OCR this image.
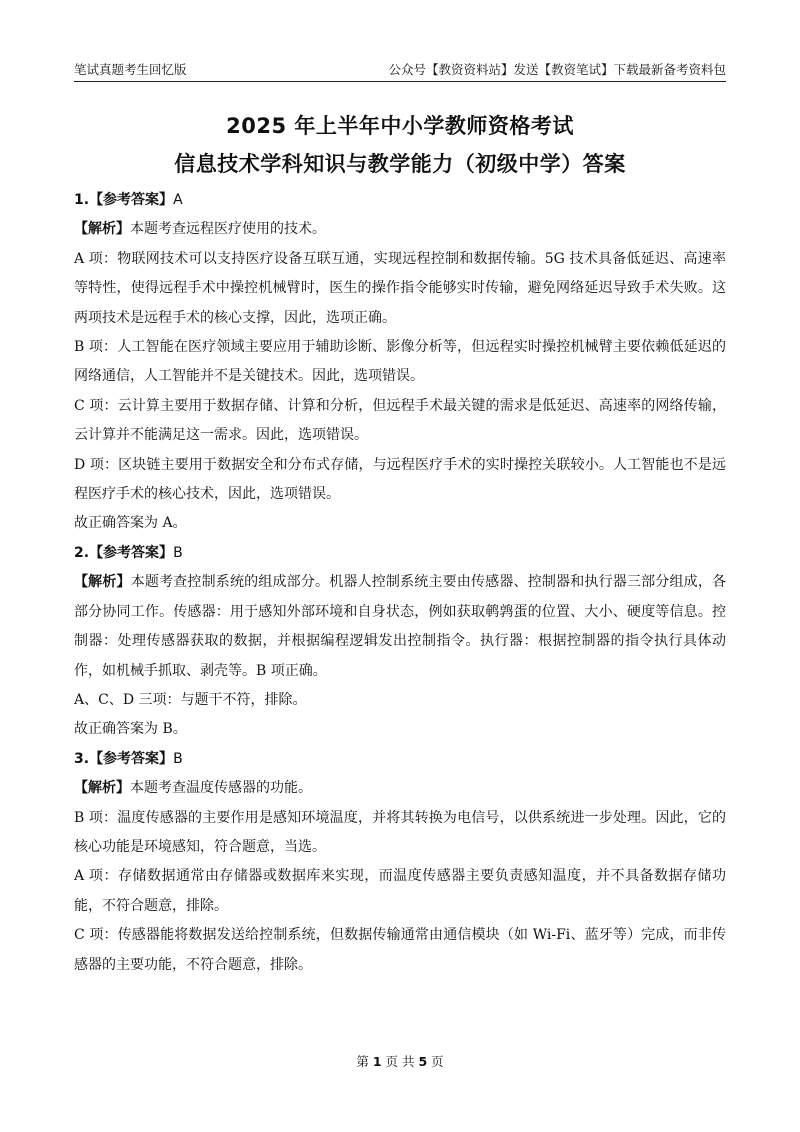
笔试真题考生回忆版	公众号【教资资料站】发送【教资笔试】下载最新备考资料包
2025 年上半年中小学教师资格考试
信息技术学科知识与教学能力（初级中学）答案

1.【参考答案】A

【解析】本题考查远程医疗使用的技术。

A 项：物联网技术可以支持医疗设备互联互通，实现远程控制和数据传输。5G 技术具备低延迟、高速率等特性，使得远程手术中操控机械臂时，医生的操作指令能够实时传输，避免网络延迟导致手术失败。这两项技术是远程手术的核心支撑，因此，选项正确。

B 项：人工智能在医疗领域主要应用于辅助诊断、影像分析等，但远程实时操控机械臂主要依赖低延迟的网络通信，人工智能并不是关键技术。因此，选项错误。

C 项：云计算主要用于数据存储、计算和分析，但远程手术最关键的需求是低延迟、高速率的网络传输，云计算并不能满足这一需求。因此，选项错误。

D 项：区块链主要用于数据安全和分布式存储，与远程医疗手术的实时操控关联较小。人工智能也不是远程医疗手术的核心技术，因此，选项错误。

故正确答案为 A。

2.【参考答案】B

【解析】本题考查控制系统的组成部分。机器人控制系统主要由传感器、控制器和执行器三部分组成，各部分协同工作。传感器：用于感知外部环境和自身状态，例如获取鹌鹑蛋的位置、大小、硬度等信息。控制器：处理传感器获取的数据，并根据编程逻辑发出控制指令。执行器：根据控制器的指令执行具体动作，如机械手抓取、剥壳等。B 项正确。

A、C、D 三项：与题干不符，排除。

故正确答案为 B。

3.【参考答案】B

【解析】本题考查温度传感器的功能。

B 项：温度传感器的主要作用是感知环境温度，并将其转换为电信号，以供系统进一步处理。因此，它的核心功能是环境感知，符合题意，当选。

A 项：存储数据通常由存储器或数据库来实现，而温度传感器主要负责感知温度，并不具备数据存储功能，不符合题意，排除。

C 项：传感器能将数据发送给控制系统，但数据传输通常由通信模块（如 Wi-Fi、蓝牙等）完成，而非传感器的主要功能，不符合题意，排除。

第 1 页 共 5 页
